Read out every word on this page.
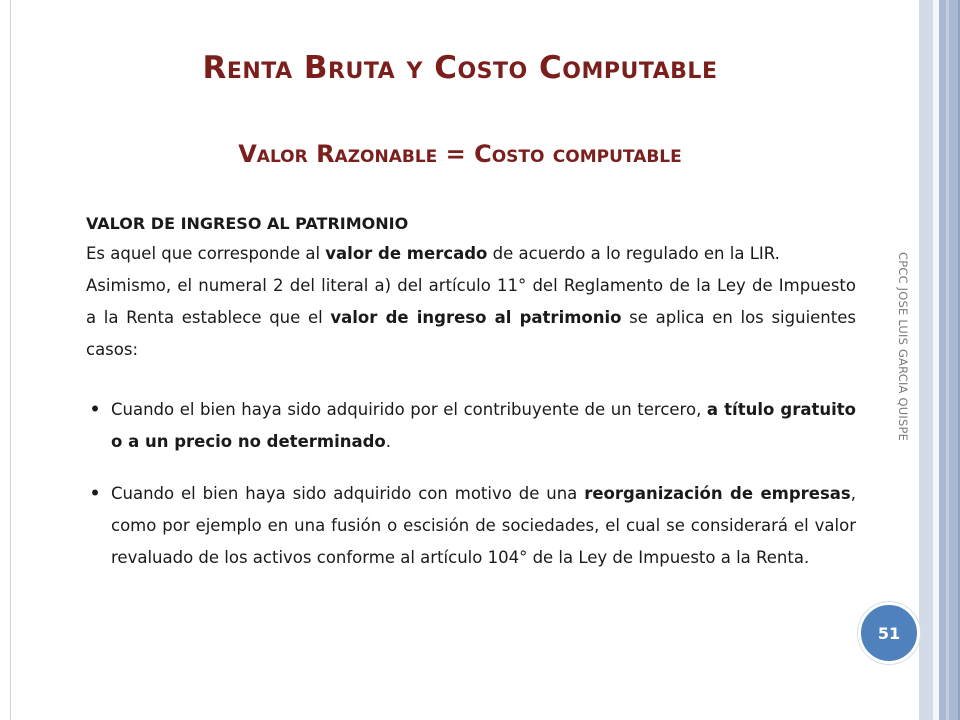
Renta Bruta y Costo Computable
Valor Razonable = Costo computable

VALOR DE INGRESO AL PATRIMONIO

Es aquel que corresponde al valor de mercado de acuerdo a lo regulado en la LIR.

Asimismo, el numeral 2 del literal a) del artículo 11° del Reglamento de la Ley de Impuesto a la Renta establece que el valor de ingreso al patrimonio se aplica en los siguientes casos:

• Cuando el bien haya sido adquirido por el contribuyente de un tercero, a título gratuito o a un precio no determinado.

• Cuando el bien haya sido adquirido con motivo de una reorganización de empresas, como por ejemplo en una fusión o escisión de sociedades, el cual se considerará el valor revaluado de los activos conforme al artículo 104° de la Ley de Impuesto a la Renta.

CPCC JOSE LUIS GARCIA QUISPE
51
